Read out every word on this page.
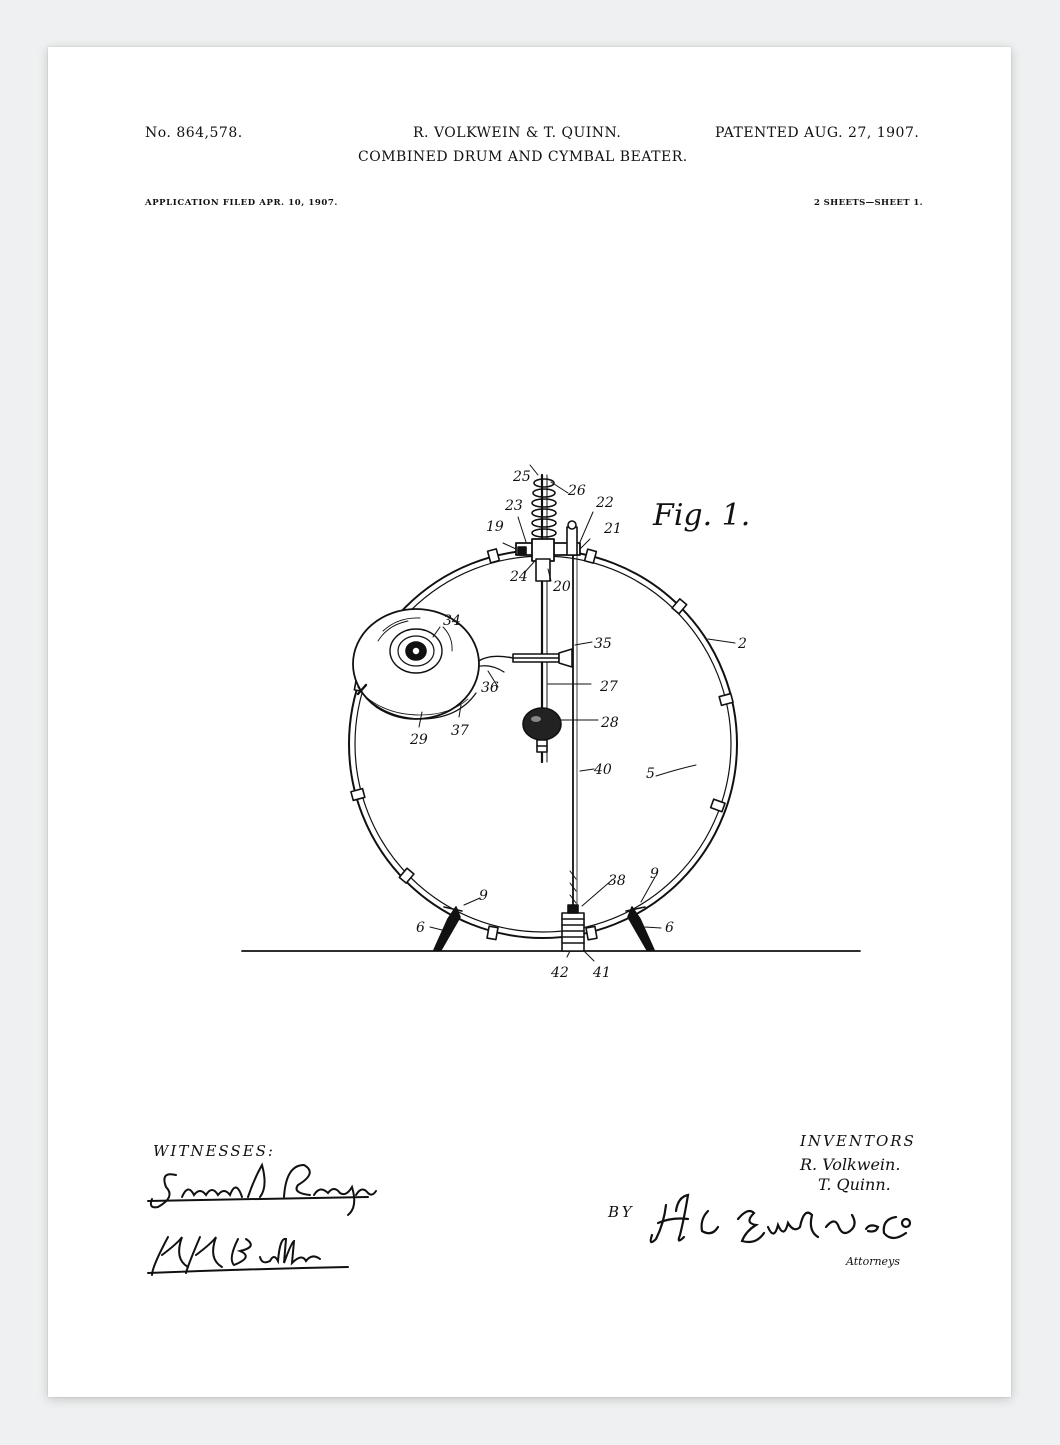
No. 864,578.	R. VOLKWEIN & T. QUINN.	PATENTED AUG. 27, 1907.
COMBINED DRUM AND CYMBAL BEATER.
APPLICATION FILED APR. 10, 1907.	2 SHEETS—SHEET 1.
25
26
23	22
19	21
24
20
2
34
35
36	27
29
37	28
40 5
38
9
9
6	6
42 41
Fig. 1.
WITNESSES:
INVENTORS
R. Volkwein.
T. Quinn.
BY
Attorneys
